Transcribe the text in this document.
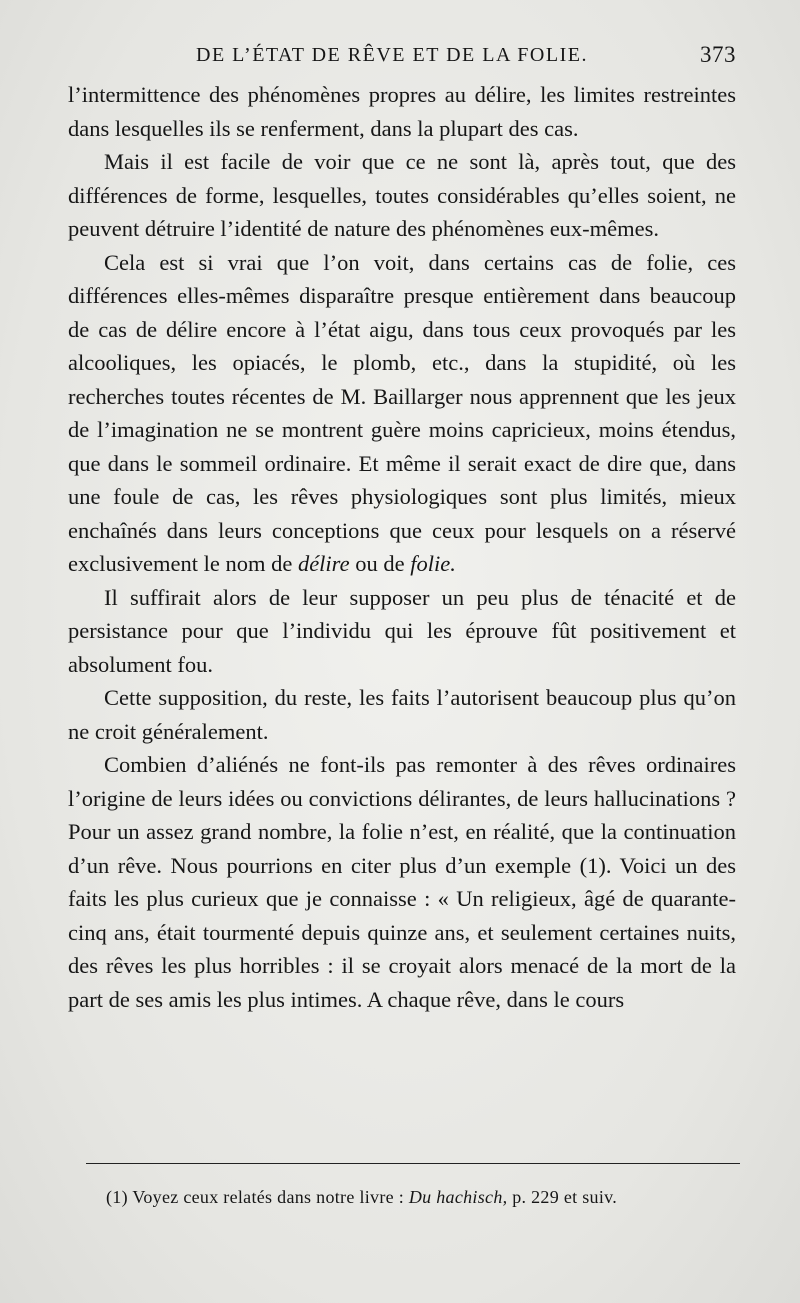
DE L’ÉTAT DE RÊVE ET DE LA FOLIE.	373

l’intermittence des phénomènes propres au délire, les limites restreintes dans lesquelles ils se renferment, dans la plupart des cas.

Mais il est facile de voir que ce ne sont là, après tout, que des différences de forme, lesquelles, toutes considérables qu’elles soient, ne peuvent détruire l’identité de nature des phénomènes eux-mêmes.

Cela est si vrai que l’on voit, dans certains cas de folie, ces différences elles-mêmes disparaître presque entièrement dans beaucoup de cas de délire encore à l’état aigu, dans tous ceux provoqués par les alcooliques, les opiacés, le plomb, etc., dans la stupidité, où les recherches toutes récentes de M. Baillarger nous apprennent que les jeux de l’imagination ne se montrent guère moins capricieux, moins étendus, que dans le sommeil ordinaire. Et même il serait exact de dire que, dans une foule de cas, les rêves physiologiques sont plus limités, mieux enchaînés dans leurs conceptions que ceux pour lesquels on a réservé exclusivement le nom de délire ou de folie.

Il suffirait alors de leur supposer un peu plus de ténacité et de persistance pour que l’individu qui les éprouve fût positivement et absolument fou.

Cette supposition, du reste, les faits l’autorisent beaucoup plus qu’on ne croit généralement.

Combien d’aliénés ne font-ils pas remonter à des rêves ordinaires l’origine de leurs idées ou convictions délirantes, de leurs hallucinations ? Pour un assez grand nombre, la folie n’est, en réalité, que la continuation d’un rêve. Nous pourrions en citer plus d’un exemple (1). Voici un des faits les plus curieux que je connaisse : « Un religieux, âgé de quarante-cinq ans, était tourmenté depuis quinze ans, et seulement certaines nuits, des rêves les plus horribles : il se croyait alors menacé de la mort de la part de ses amis les plus intimes. A chaque rêve, dans le cours

(1) Voyez ceux relatés dans notre livre : Du hachisch, p. 229 et suiv.
